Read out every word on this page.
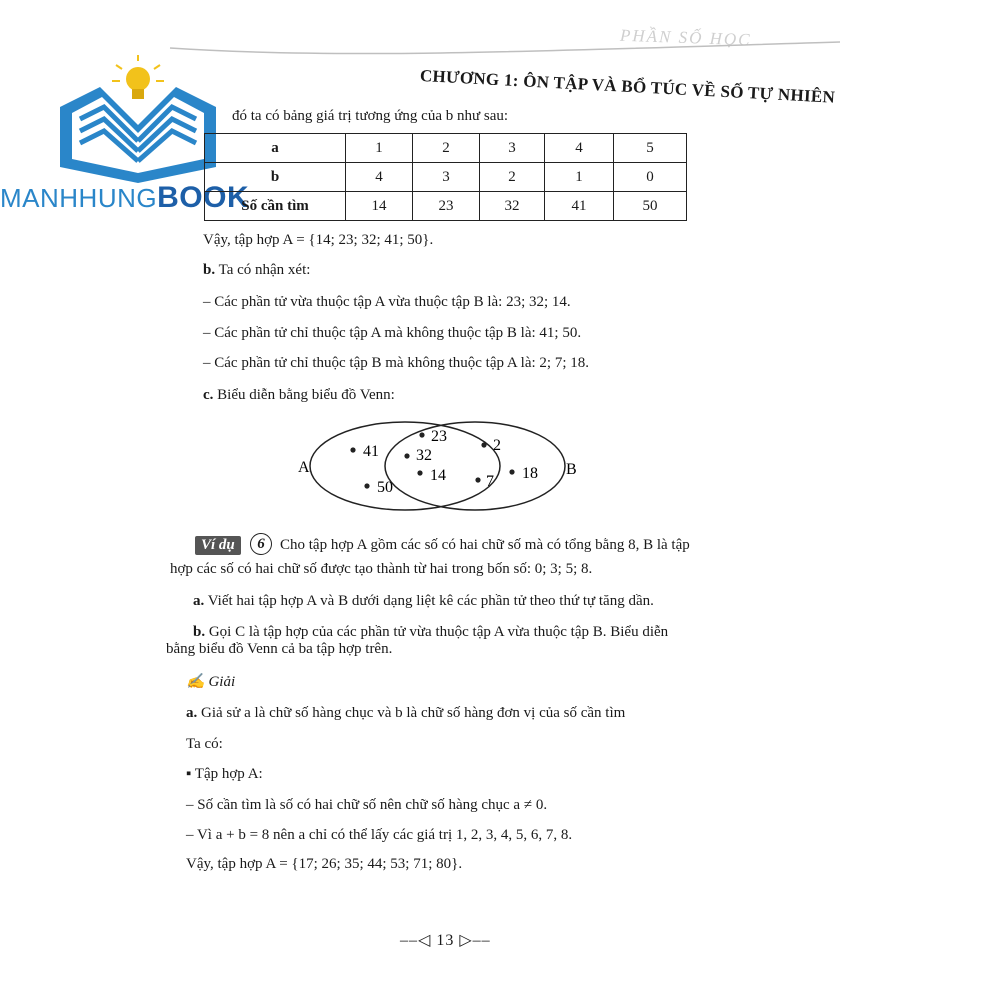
PHẦN SỐ HỌC
CHƯƠNG 1: ÔN TẬP VÀ BỔ TÚC VỀ SỐ TỰ NHIÊN
MANHHUNGBOOK
đó ta có bảng giá trị tương ứng của b như sau:
a	1	2	3	4	5
b	4	3	2	1	0
Số cần tìm	14	23	32	41	50
Vậy, tập hợp A = {14; 23; 32; 41; 50}.
b. Ta có nhận xét:
– Các phần tử vừa thuộc tập A vừa thuộc tập B là: 23; 32; 14.
– Các phần tử chỉ thuộc tập A mà không thuộc tập B là: 41; 50.
– Các phần tử chỉ thuộc tập B mà không thuộc tập A là: 2; 7; 18.
c. Biểu diễn bằng biểu đồ Venn:
A	B
41
50
23
32
14
2
7 18
Ví dụ	6	Cho tập hợp A gồm các số có hai chữ số mà có tổng bằng 8, B là tập
hợp các số có hai chữ số được tạo thành từ hai trong bốn số: 0; 3; 5; 8.
a. Viết hai tập hợp A và B dưới dạng liệt kê các phần tử theo thứ tự tăng dần.
b. Gọi C là tập hợp của các phần tử vừa thuộc tập A vừa thuộc tập B. Biểu diễn
bằng biểu đồ Venn cả ba tập hợp trên.
✍ Giải
a. Giả sử a là chữ số hàng chục và b là chữ số hàng đơn vị của số cần tìm
Ta có:
▪ Tập hợp A:
– Số cần tìm là số có hai chữ số nên chữ số hàng chục a ≠ 0.
– Vì a + b = 8 nên a chỉ có thể lấy các giá trị 1, 2, 3, 4, 5, 6, 7, 8.
Vậy, tập hợp A = {17; 26; 35; 44; 53; 71; 80}.
––◁ 13 ▷––
